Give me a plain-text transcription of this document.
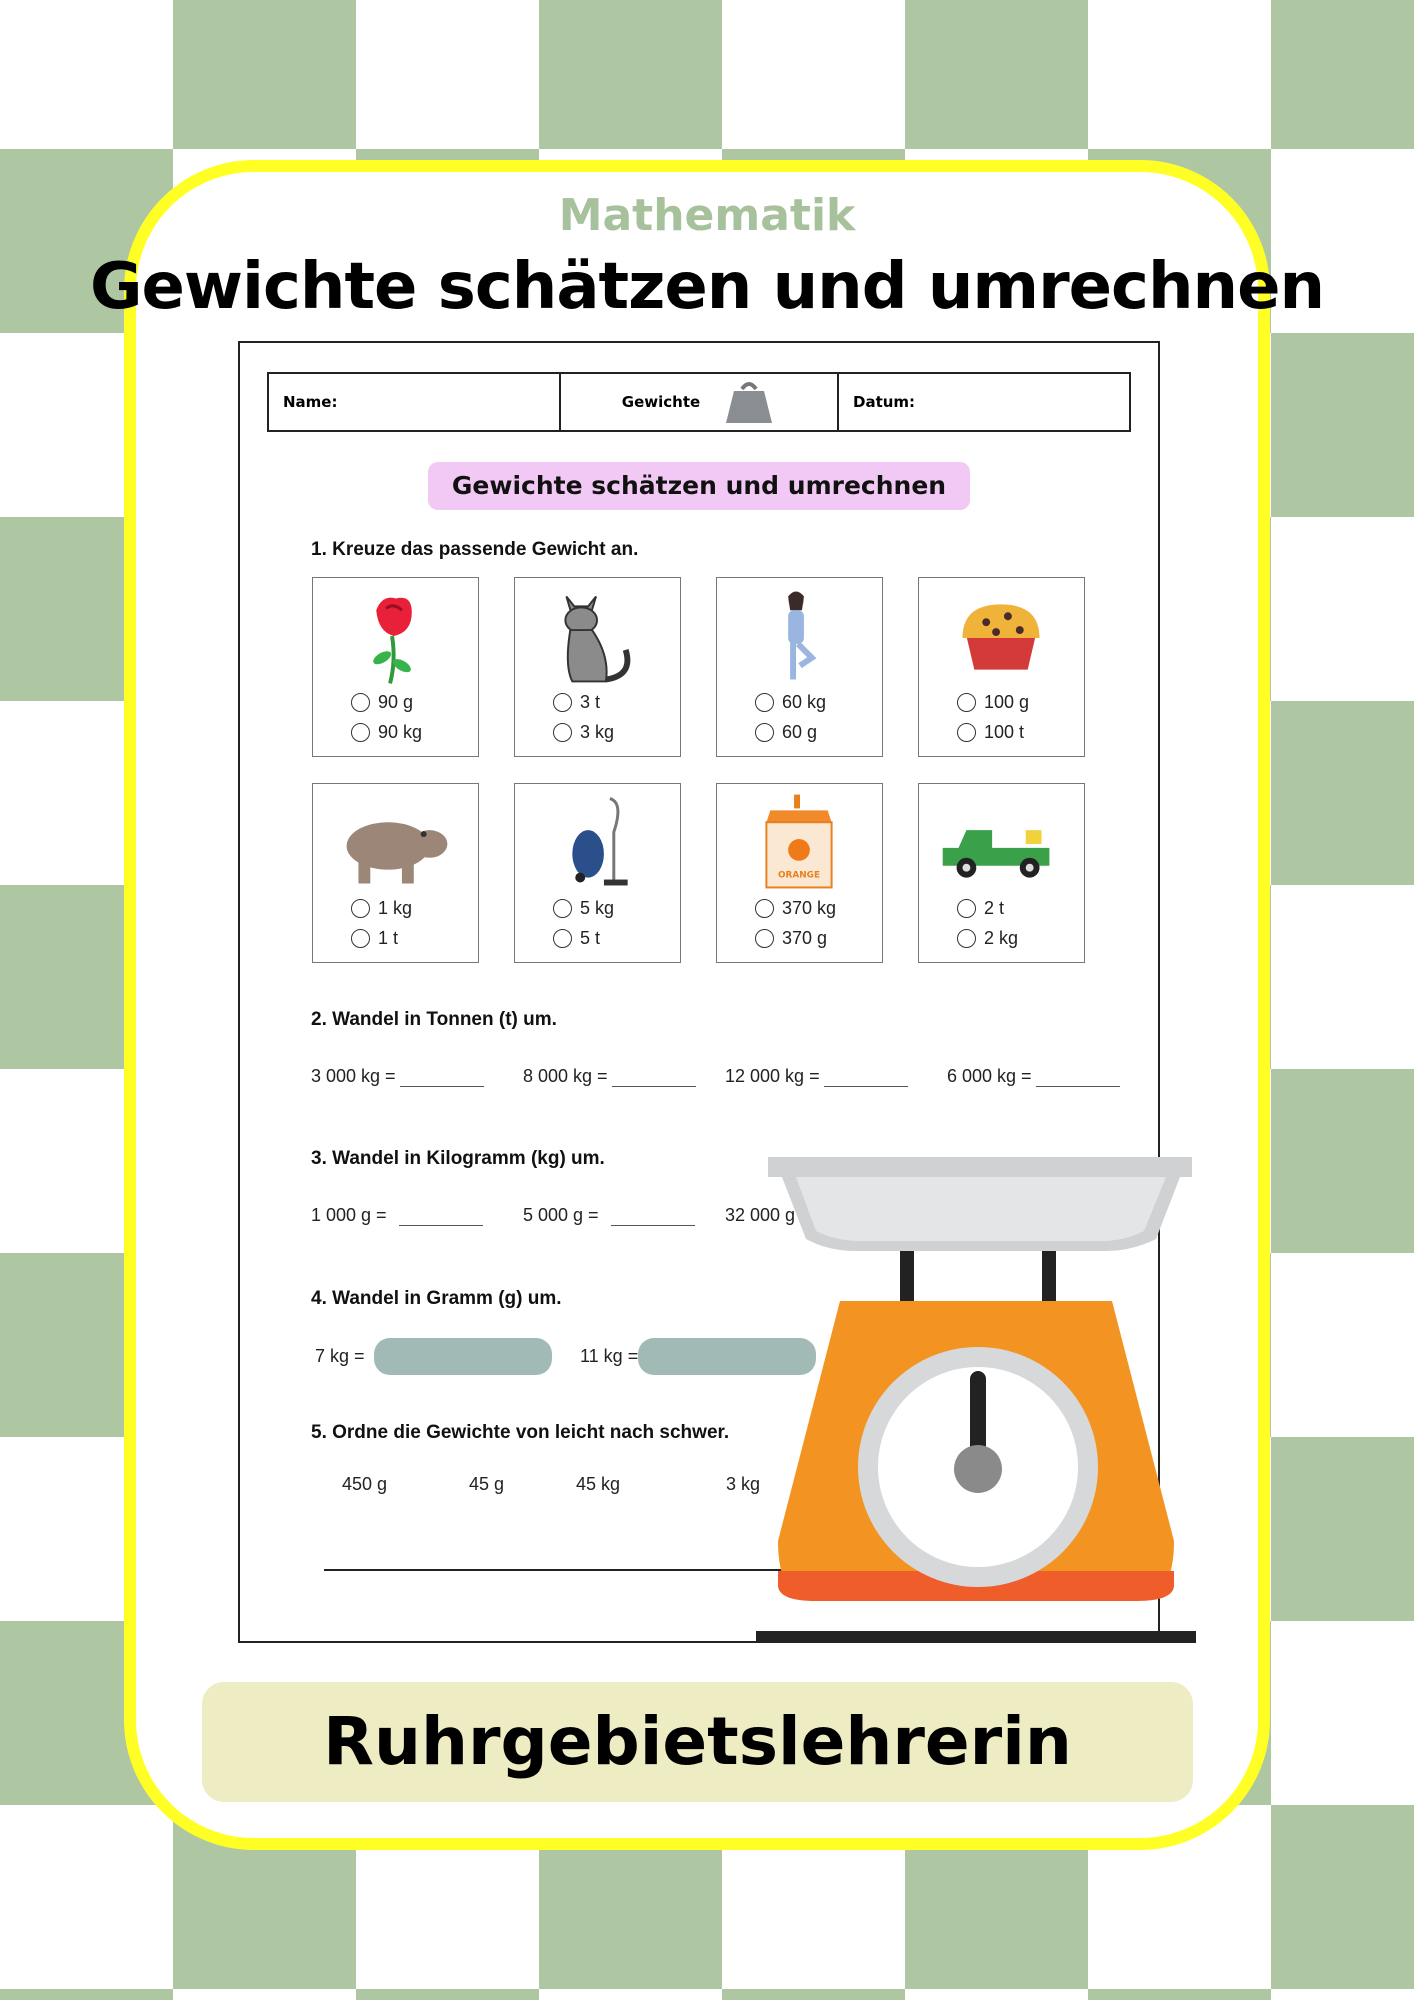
Mathematik
Gewichte schätzen und umrechnen
Name:	Gewichte	Datum:
Gewichte schätzen und umrechnen
1. Kreuze das passende Gewicht an.
90 g
90 kg
3 t
3 kg
60 kg
60 g
100 g
100 t
1 kg
1 t
5 kg
5 t
ORANGE
370 kg
370 g
2 t
2 kg
2. Wandel in Tonnen (t) um.
3 000 kg =	8 000 kg =	12 000 kg =	6 000 kg =
3. Wandel in Kilogramm (kg) um.
1 000 g =	5 000 g =	32 000 g
4. Wandel in Gramm (g) um.
7 kg =	11 kg =
5. Ordne die Gewichte von leicht nach schwer.
450 g	45 g	45 kg	3 kg
Ruhrgebietslehrerin
